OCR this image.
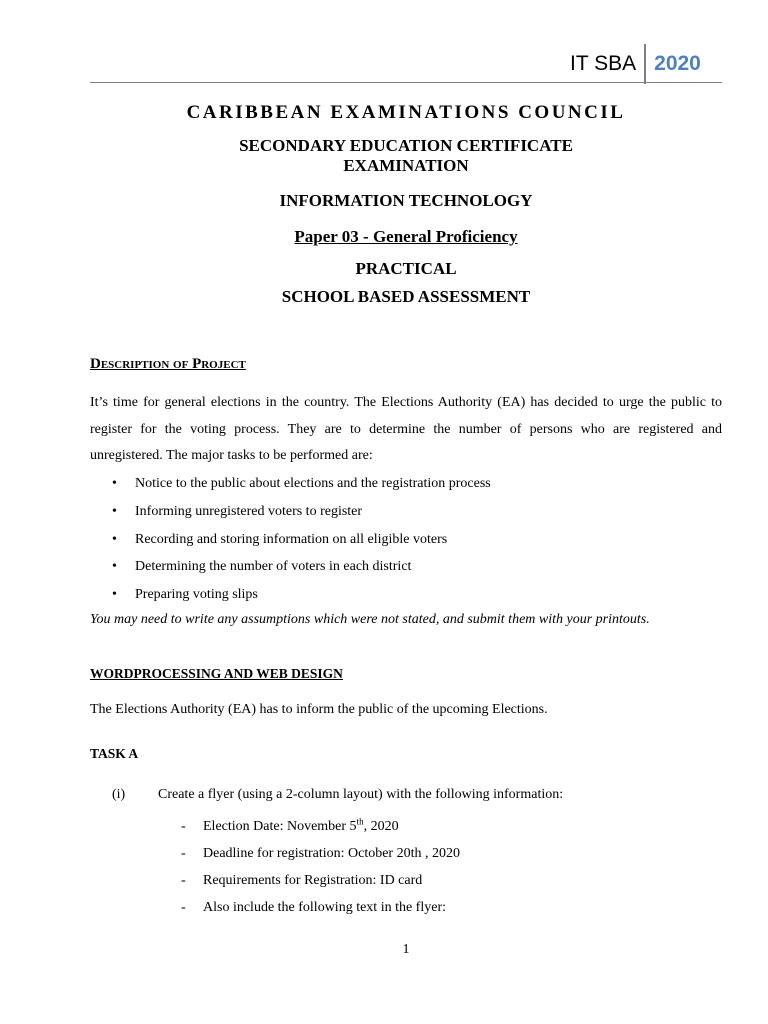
IT SBA 2020
CARIBBEAN EXAMINATIONS COUNCIL
SECONDARY EDUCATION CERTIFICATE
EXAMINATION
INFORMATION TECHNOLOGY
Paper 03 - General Proficiency
PRACTICAL
SCHOOL BASED ASSESSMENT
Description of Project
It’s time for general elections in the country. The Elections Authority (EA) has decided to urge the public to register for the voting process. They are to determine the number of persons who are registered and unregistered. The major tasks to be performed are:
• Notice to the public about elections and the registration process
• Informing unregistered voters to register
• Recording and storing information on all eligible voters
• Determining the number of voters in each district
• Preparing voting slips
You may need to write any assumptions which were not stated, and submit them with your printouts.
WORDPROCESSING AND WEB DESIGN
The Elections Authority (EA) has to inform the public of the upcoming Elections.
TASK A
(i) Create a flyer (using a 2-column layout) with the following information:
- Election Date: November 5th, 2020
- Deadline for registration: October 20th , 2020
- Requirements for Registration: ID card
- Also include the following text in the flyer:
1
